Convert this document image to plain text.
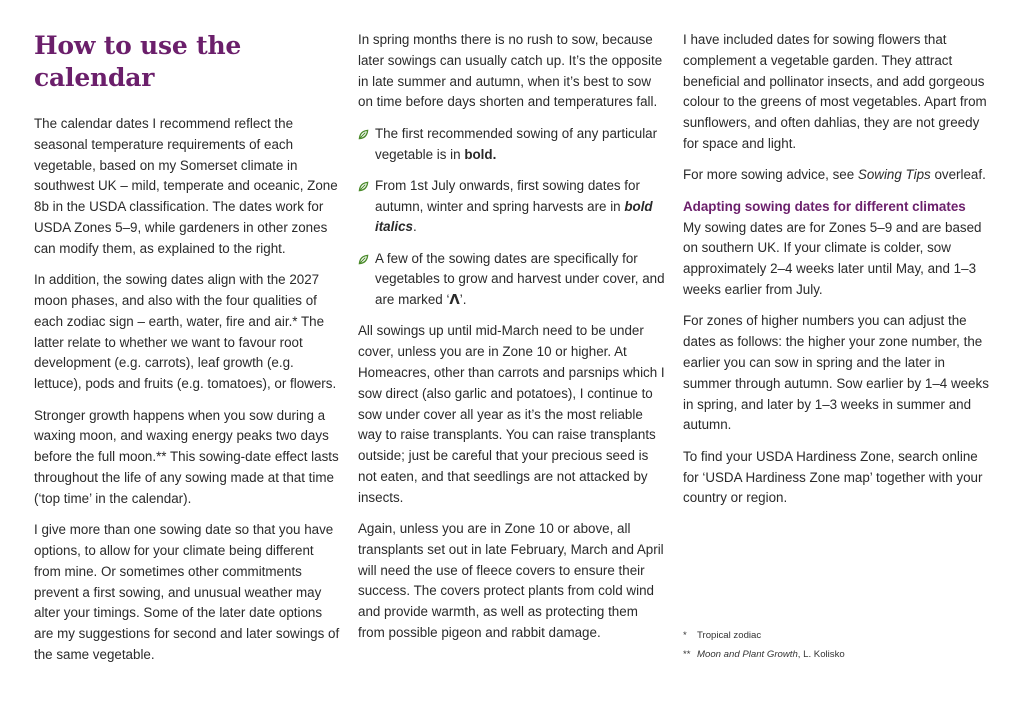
How to use the calendar

The calendar dates I recommend reflect the seasonal temperature requirements of each vegetable, based on my Somerset climate in southwest UK – mild, temperate and oceanic, Zone 8b in the USDA classification. The dates work for USDA Zones 5–9, while gardeners in other zones can modify them, as explained to the right.

In addition, the sowing dates align with the 2027 moon phases, and also with the four qualities of each zodiac sign – earth, water, fire and air.* The latter relate to whether we want to favour root development (e.g. carrots), leaf growth (e.g. lettuce), pods and fruits (e.g. tomatoes), or flowers.

Stronger growth happens when you sow during a waxing moon, and waxing energy peaks two days before the full moon.** This sowing-date effect lasts throughout the life of any sowing made at that time (‘top time’ in the calendar).

I give more than one sowing date so that you have options, to allow for your climate being different from mine. Or sometimes other commitments prevent a first sowing, and unusual weather may alter your timings. Some of the later date options are my suggestions for second and later sowings of the same vegetable.

In spring months there is no rush to sow, because later sowings can usually catch up. It’s the opposite in late summer and autumn, when it’s best to sow on time before days shorten and temperatures fall.

The first recommended sowing of any particular vegetable is in bold.
From 1st July onwards, first sowing dates for autumn, winter and spring harvests are in bold italics.
A few of the sowing dates are specifically for vegetables to grow and harvest under cover, and are marked ‘ᐱ’.

All sowings up until mid-March need to be under cover, unless you are in Zone 10 or higher. At Homeacres, other than carrots and parsnips which I sow direct (also garlic and potatoes), I continue to sow under cover all year as it’s the most reliable way to raise transplants. You can raise transplants outside; just be careful that your precious seed is not eaten, and that seedlings are not attacked by insects.

Again, unless you are in Zone 10 or above, all transplants set out in late February, March and April will need the use of fleece covers to ensure their success. The covers protect plants from cold wind and provide warmth, as well as protecting them from possible pigeon and rabbit damage.

I have included dates for sowing flowers that complement a vegetable garden. They attract beneficial and pollinator insects, and add gorgeous colour to the greens of most vegetables. Apart from sunflowers, and often dahlias, they are not greedy for space and light.

For more sowing advice, see Sowing Tips overleaf.

Adapting sowing dates for different climates
My sowing dates are for Zones 5–9 and are based on southern UK. If your climate is colder, sow approximately 2–4 weeks later until May, and 1–3 weeks earlier from July.

For zones of higher numbers you can adjust the dates as follows: the higher your zone number, the earlier you can sow in spring and the later in summer through autumn. Sow earlier by 1–4 weeks in spring, and later by 1–3 weeks in summer and autumn.

To find your USDA Hardiness Zone, search online for ‘USDA Hardiness Zone map’ together with your country or region.

* Tropical zodiac
** Moon and Plant Growth, L. Kolisko
